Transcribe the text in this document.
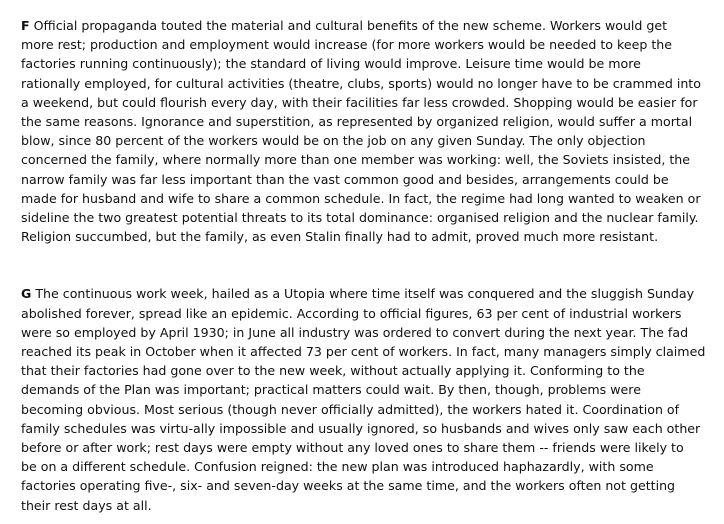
F Official propaganda touted the material and cultural benefits of the new scheme. Workers would get
more rest; production and employment would increase (for more workers would be needed to keep the
factories running continuously); the standard of living would improve. Leisure time would be more
rationally employed, for cultural activities (theatre, clubs, sports) would no longer have to be crammed into
a weekend, but could flourish every day, with their facilities far less crowded. Shopping would be easier for
the same reasons. Ignorance and superstition, as represented by organized religion, would suffer a mortal
blow, since 80 percent of the workers would be on the job on any given Sunday. The only objection
concerned the family, where normally more than one member was working: well, the Soviets insisted, the
narrow family was far less important than the vast common good and besides, arrangements could be
made for husband and wife to share a common schedule. In fact, the regime had long wanted to weaken or
sideline the two greatest potential threats to its total dominance: organised religion and the nuclear family.
Religion succumbed, but the family, as even Stalin finally had to admit, proved much more resistant.

G The continuous work week, hailed as a Utopia where time itself was conquered and the sluggish Sunday
abolished forever, spread like an epidemic. According to official figures, 63 per cent of industrial workers
were so employed by April 1930; in June all industry was ordered to convert during the next year. The fad
reached its peak in October when it affected 73 per cent of workers. In fact, many managers simply claimed
that their factories had gone over to the new week, without actually applying it. Conforming to the
demands of the Plan was important; practical matters could wait. By then, though, problems were
becoming obvious. Most serious (though never officially admitted), the workers hated it. Coordination of
family schedules was virtu-ally impossible and usually ignored, so husbands and wives only saw each other
before or after work; rest days were empty without any loved ones to share them -- friends were likely to
be on a different schedule. Confusion reigned: the new plan was introduced haphazardly, with some
factories operating five-, six- and seven-day weeks at the same time, and the workers often not getting
their rest days at all.
